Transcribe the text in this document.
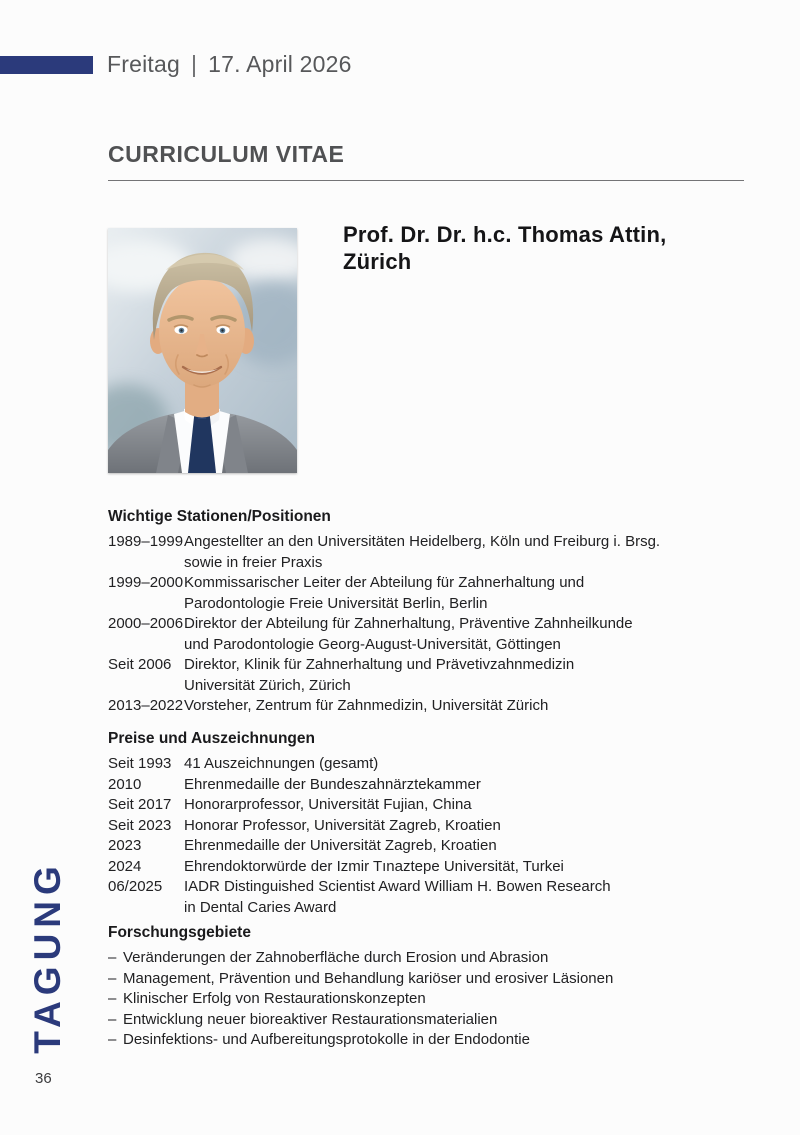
Freitag | 17. April 2026
CURRICULUM VITAE
Prof. Dr. Dr. h.c. Thomas Attin,
Zürich
Wichtige Stationen/Positionen
1989–1999 Angestellter an den Universitäten Heidelberg, Köln und Freiburg i. Brsg.
sowie in freier Praxis
1999–2000 Kommissarischer Leiter der Abteilung für Zahnerhaltung und
Parodontologie Freie Universität Berlin, Berlin
2000–2006 Direktor der Abteilung für Zahnerhaltung, Präventive Zahnheilkunde
und Parodontologie Georg-August-Universität, Göttingen
Seit 2006 Direktor, Klinik für Zahnerhaltung und Prävetivzahnmedizin
Universität Zürich, Zürich
2013–2022 Vorsteher, Zentrum für Zahnmedizin, Universität Zürich
Preise und Auszeichnungen
Seit 1993 41 Auszeichnungen (gesamt)
2010	Ehrenmedaille der Bundeszahnärztekammer
Seit 2017 Honorarprofessor, Universität Fujian, China
Seit 2023 Honorar Professor, Universität Zagreb, Kroatien
2023	Ehrenmedaille der Universität Zagreb, Kroatien
2024	Ehrendoktorwürde der Izmir Tınaztepe Universität, Turkei
06/2025	IADR Distinguished Scientist Award William H. Bowen Research
in Dental Caries Award
Forschungsgebiete
– Veränderungen der Zahnoberfläche durch Erosion und Abrasion
– Management, Prävention und Behandlung kariöser und erosiver Läsionen
– Klinischer Erfolg von Restaurationskonzepten
– Entwicklung neuer bioreaktiver Restaurationsmaterialien
– Desinfektions- und Aufbereitungsprotokolle in der Endodontie
TAGUNG
36
